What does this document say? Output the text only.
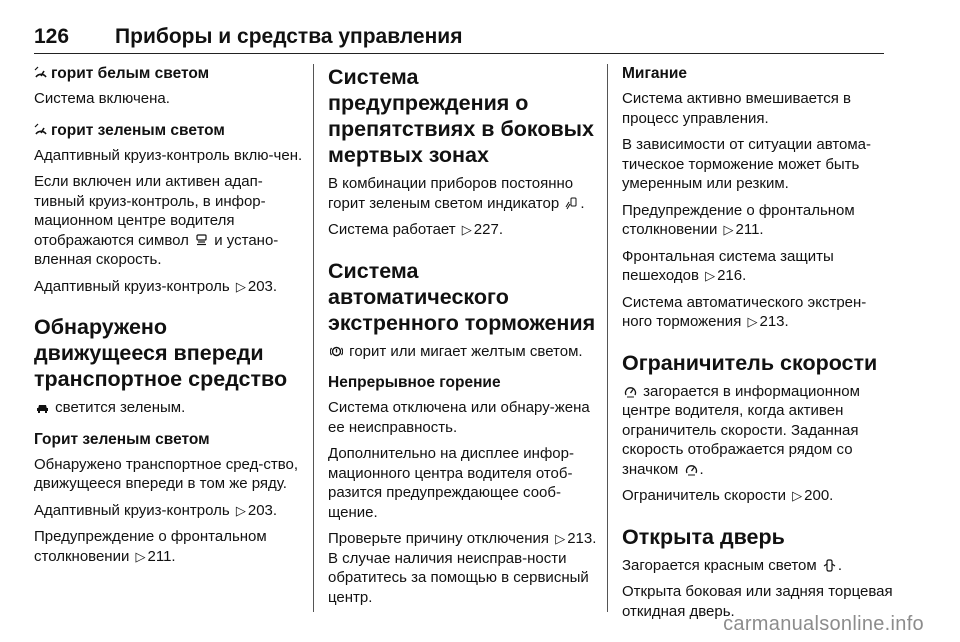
126 Приборы и средства управления
горит белым светом

Система включена.

горит зеленым светом

Адаптивный круиз-контроль вклю-чен.

Если включен или активен адап-тивный круиз-контроль, в инфор-мационном центре водителя отображаются символ и устано-вленная скорость.

Адаптивный круиз-контроль ▷ 203.

Обнаружено движущееся впереди транспортное средство

светится зеленым.

Горит зеленым светом

Обнаружено транспортное сред-ство, движущееся впереди в том же ряду.

Адаптивный круиз-контроль ▷ 203.

Предупреждение о фронтальном столкновении ▷ 211.

Система предупреждения о препятствиях в боковых мертвых зонах

В комбинации приборов постоянно горит зеленым светом индикатор .

Система работает ▷ 227.

Система автоматического экстренного торможения

горит или мигает желтым светом.

Непрерывное горение

Система отключена или обнару-жена ее неисправность.

Дополнительно на дисплее инфор-мационного центра водителя отоб-разится предупреждающее сооб-щение.

Проверьте причину отключения ▷ 213. В случае наличия неисправ-ности обратитесь за помощью в сервисный центр.

Мигание

Система активно вмешивается в процесс управления.

В зависимости от ситуации автома-тическое торможение может быть умеренным или резким.

Предупреждение о фронтальном столкновении ▷ 211.

Фронтальная система защиты пешеходов ▷ 216.

Система автоматического экстрен-ного торможения ▷ 213.

Ограничитель скорости

загорается в информационном центре водителя, когда активен ограничитель скорости. Заданная скорость отображается рядом со значком .

Ограничитель скорости ▷ 200.

Открыта дверь

Загорается красным светом .

Открыта боковая или задняя торцевая откидная дверь.

carmanualsonline.info
